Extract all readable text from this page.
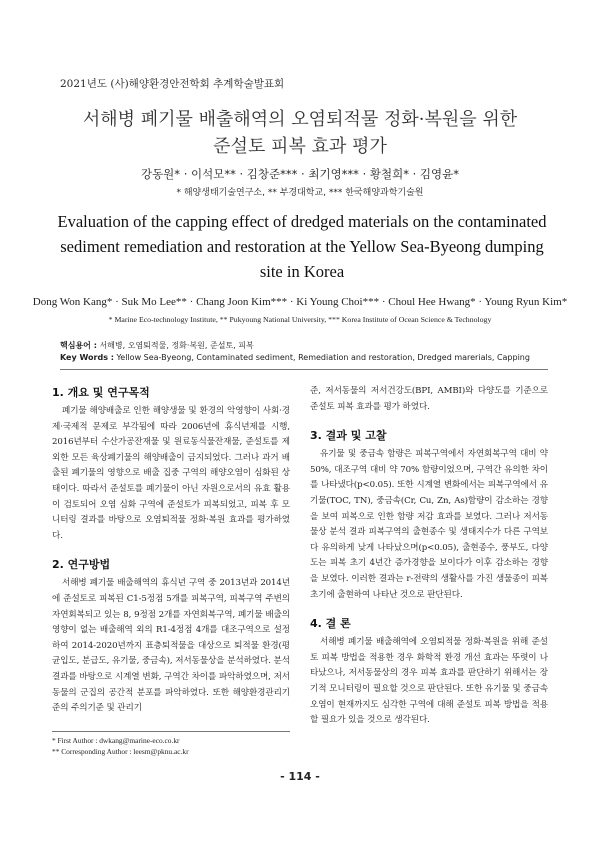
2021년도 (사)해양환경안전학회 추계학술발표회
서해병 폐기물 배출해역의 오염퇴적물 정화·복원을 위한
준설토 피복 효과 평가
강동원* · 이석모** · 김창준*** · 최기영*** · 황철희* · 김영윤*
* 해양생태기술연구소, ** 부경대학교, *** 한국해양과학기술원
Evaluation of the capping effect of dredged materials on the contaminated sediment remediation and restoration at the Yellow Sea-Byeong dumping site in Korea
Dong Won Kang* · Suk Mo Lee** · Chang Joon Kim*** · Ki Young Choi*** · Choul Hee Hwang* · Young Ryun Kim*
* Marine Eco-technology Institute, ** Pukyoung National University, *** Korea Institute of Ocean Science & Technology
핵심용어 : 서해병, 오염퇴적물, 정화·복원, 준설토, 피복
Key Words : Yellow Sea-Byeong, Contaminated sediment, Remediation and restoration, Dredged marerials, Capping
1. 개요 및 연구목적

폐기물 해양배출로 인한 해양생물 및 환경의 악영향이 사회·경제·국제적 문제로 부각됨에 따라 2006년에 휴식년제를 시행, 2016년부터 수산가공잔재물 및 원료동식물잔재물, 준설토를 제외한 모든 육상폐기물의 해양배출이 금지되었다. 그러나 과거 배출된 폐기물의 영향으로 배출 집중 구역의 해양오염이 심화된 상태이다. 따라서 준설토를 폐기물이 아닌 자원으로서의 유효 활용이 검토되어 오염 심화 구역에 준설토가 피복되었고, 피복 후 모니터링 결과를 바탕으로 오염퇴적물 정화·복원 효과를 평가하였다.

2. 연구방법

서해병 폐기물 배출해역의 휴식년 구역 중 2013년과 2014년에 준설토로 피복된 C1-5정점 5개를 피복구역, 피복구역 주변의 자연회복되고 있는 8, 9정점 2개를 자연회복구역, 폐기물 배출의 영향이 없는 배출해역 외의 R1-4정점 4개를 대조구역으로 설정하여 2014-2020년까지 표층퇴적물을 대상으로 퇴적물 환경(평균입도, 분급도, 유기물, 중금속), 저서동물상을 분석하였다. 분석 결과를 바탕으로 시계열 변화, 구역간 차이를 파악하였으며, 저서동물의 군집의 공간적 분포를 파악하였다. 또한 해양환경관리기준의 주의기준 및 관리기

준, 저서동물의 저서건강도(BPI, AMBI)와 다양도를 기준으로 준설토 피복 효과를 평가 하였다.

3. 결과 및 고찰

유기물 및 중금속 함량은 피복구역에서 자연회복구역 대비 약 50%, 대조구역 대비 약 70% 함량이었으며, 구역간 유의한 차이를 나타냈다(p<0.05). 또한 시계열 변화에서는 피복구역에서 유기물(TOC, TN), 중금속(Cr, Cu, Zn, As)함량이 감소하는 경향을 보여 피복으로 인한 함량 저감 효과를 보였다. 그러나 저서동물상 분석 결과 피복구역의 출현종수 및 생태지수가 다른 구역보다 유의하게 낮게 나타났으며(p<0.05), 출현종수, 풍부도, 다양도는 피복 초기 4년간 증가경향을 보이다가 이후 감소하는 경향을 보였다. 이러한 결과는 r-전략의 생활사를 가진 생물종이 피복 초기에 출현하여 나타난 것으로 판단된다.

4. 결 론

서해병 폐기물 배출해역에 오염퇴적물 정화·복원을 위해 준설토 피복 방법을 적용한 경우 화학적 환경 개선 효과는 뚜렷이 나타났으나, 저서동물상의 경우 피복 효과를 판단하기 위해서는 장기적 모니터링이 필요할 것으로 판단된다. 또한 유기물 및 중금속 오염이 현재까지도 심각한 구역에 대해 준설토 피복 방법을 적용할 필요가 있을 것으로 생각된다.

* First Author : dwkang@marine-eco.co.kr
** Corresponding Author : leesm@pknu.ac.kr
- 114 -
